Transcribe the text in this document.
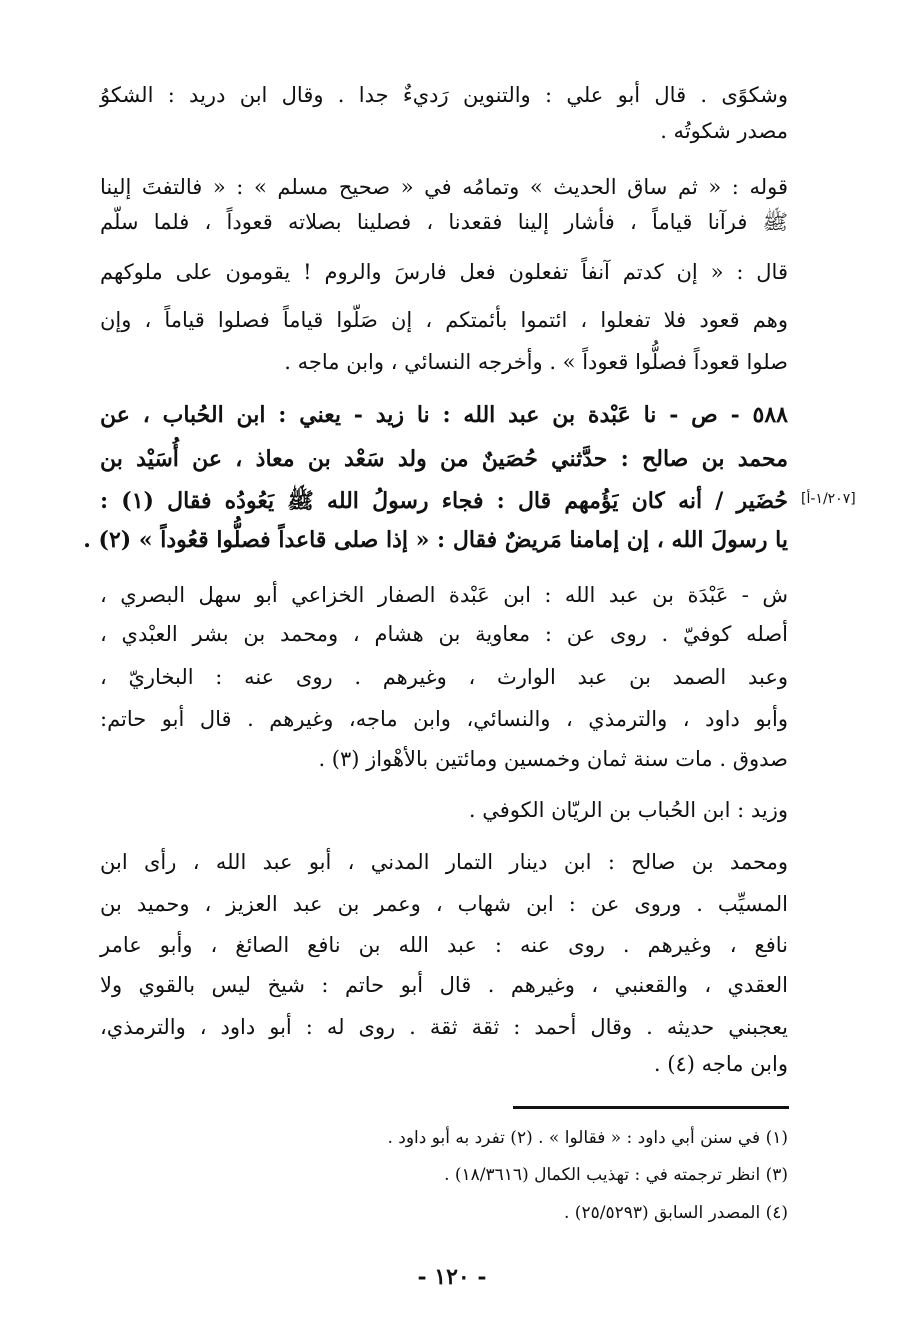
وشكوًى . قال أبو علي : والتنوين رَديءٌ جدا . وقال ابن دريد : الشكوُ
مصدر شكوتُه .
قوله : « ثم ساق الحديث » وتمامُه في « صحيح مسلم » : « فالتفتَ إلينا
ﷺ فرآنا قياماً ، فأشار إلينا فقعدنا ، فصلينا بصلاته قعوداً ، فلما سلّم
قال : « إن كدتم آنفاً تفعلون فعل فارسَ والروم ! يقومون على ملوكهم
وهم قعود فلا تفعلوا ، ائتموا بأئمتكم ، إن صَلّوا قياماً فصلوا قياماً ، وإن
صلوا قعوداً فصلُّوا قعوداً » . وأخرجه النسائي ، وابن ماجه .
٥٨٨ - ص - نا عَبْدة بن عبد الله : نا زيد - يعني : ابن الحُباب ، عن
محمد بن صالح : حدَّثني حُصَينٌ من ولد سَعْد بن معاذ ، عن أُسَيْد بن
حُضَير / أنه كان يَؤُمهم قال : فجاء رسولُ الله ﷺ يَعُودُه فقال (١) :
يا رسولَ الله ، إن إمامنا مَريضٌ فقال : « إذا صلى قاعداً فصلُّوا قعُوداً » (٢) .
[١/٢٠٧-أ]
ش - عَبْدَة بن عبد الله : ابن عَبْدة الصفار الخزاعي أبو سهل البصري ،
أصله كوفيّ . روى عن : معاوية بن هشام ، ومحمد بن بشر العبْدي ،
وعبد الصمد بن عبد الوارث ، وغيرهم . روى عنه : البخاريّ ،
وأبو داود ، والترمذي ، والنسائي، وابن ماجه، وغيرهم . قال أبو حاتم:
صدوق . مات سنة ثمان وخمسين ومائتين بالأهْواز (٣) .
وزيد : ابن الحُباب بن الريّان الكوفي .
ومحمد بن صالح : ابن دينار التمار المدني ، أبو عبد الله ، رأى ابن
المسيِّب . وروى عن : ابن شهاب ، وعمر بن عبد العزيز ، وحميد بن
نافع ، وغيرهم . روى عنه : عبد الله بن نافع الصائغ ، وأبو عامر
العقدي ، والقعنبي ، وغيرهم . قال أبو حاتم : شيخ ليس بالقوي ولا
يعجبني حديثه . وقال أحمد : ثقة ثقة . روى له : أبو داود ، والترمذي،
وابن ماجه (٤) .
(١) في سنن أبي داود : « فقالوا » . (٢) تفرد به أبو داود .
(٣) انظر ترجمته في : تهذيب الكمال (١٨/٣٦١٦) .
(٤) المصدر السابق (٢٥/٥٢٩٣) .
- ١٢٠ -
